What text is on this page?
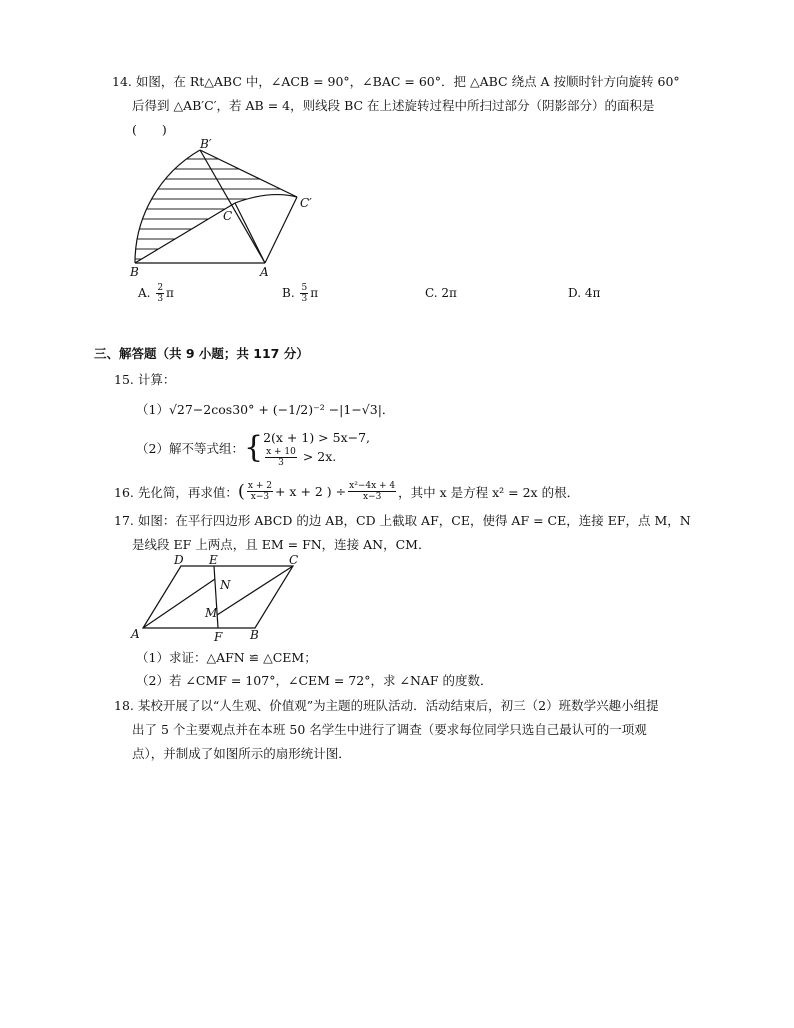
14. 如图，在 Rt△ABC 中，∠ACB = 90°，∠BAC = 60°．把 △ABC 绕点 A 按顺时针方向旋转 60°
后得到 △AB′C′，若 AB = 4，则线段 BC 在上述旋转过程中所扫过部分（阴影部分）的面积是
(　　)
B′
C′
C
B	A
A. $\frac{2}{3}$ π	B. $\frac{5}{3}$ π	C. 2π	D. 4π
三、解答题（共 9 小题；共 117 分）
15. 计算：
（1）√27−2cos30° + (−1/2)⁻² −|1−√3|．
（2）解不等式组： { 2(x + 1) > 5x−7,
$\frac{x + 10}{3} > 2x$.
16. 先化简，再求值： ( $\frac{x + 2}{x-3} + x + 2$ ) ÷ $\frac{\text{x²−4x + 4}}{x-3}$ ，其中 x 是方程 x² = 2x 的根．
17. 如图：在平行四边形 ABCD 的边 AB，CD 上截取 AF，CE，使得 AF = CE，连接 EF，点 M，N
是线段 EF 上两点，且 EM = FN，连接 AN，CM．
D E	C
N
M
A	F B
（1）求证：△AFN ≌ △CEM；
（2）若 ∠CMF = 107°，∠CEM = 72°，求 ∠NAF 的度数．
18. 某校开展了以“人生观、价值观”为主题的班队活动．活动结束后，初三（2）班数学兴趣小组提
出了 5 个主要观点并在本班 50 名学生中进行了调查（要求每位同学只选自己最认可的一项观
点），并制成了如图所示的扇形统计图．
